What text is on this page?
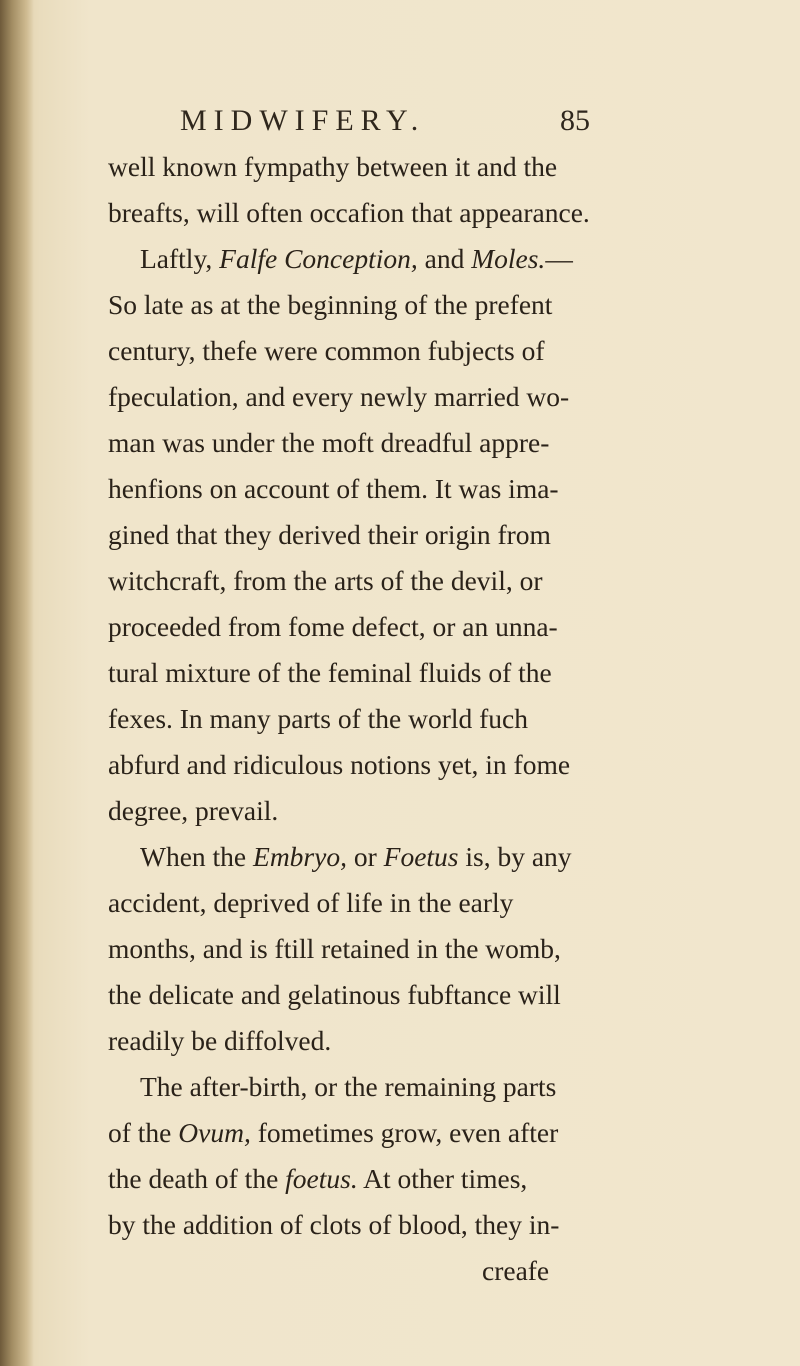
MIDWIFERY.	85
well known fympathy between it and the
breafts, will often occafion that appearance.
Laftly, Falfe Conception, and Moles.—
So late as at the beginning of the prefent
century, thefe were common fubjects of
fpeculation, and every newly married wo-
man was under the moft dreadful appre-
henfions on account of them. It was ima-
gined that they derived their origin from
witchcraft, from the arts of the devil, or
proceeded from fome defect, or an unna-
tural mixture of the feminal fluids of the
fexes. In many parts of the world fuch
abfurd and ridiculous notions yet, in fome
degree, prevail.
When the Embryo, or Foetus is, by any
accident, deprived of life in the early
months, and is ftill retained in the womb,
the delicate and gelatinous fubftance will
readily be diffolved.
The after-birth, or the remaining parts
of the Ovum, fometimes grow, even after
the death of the foetus. At other times,
by the addition of clots of blood, they in-
creafe
